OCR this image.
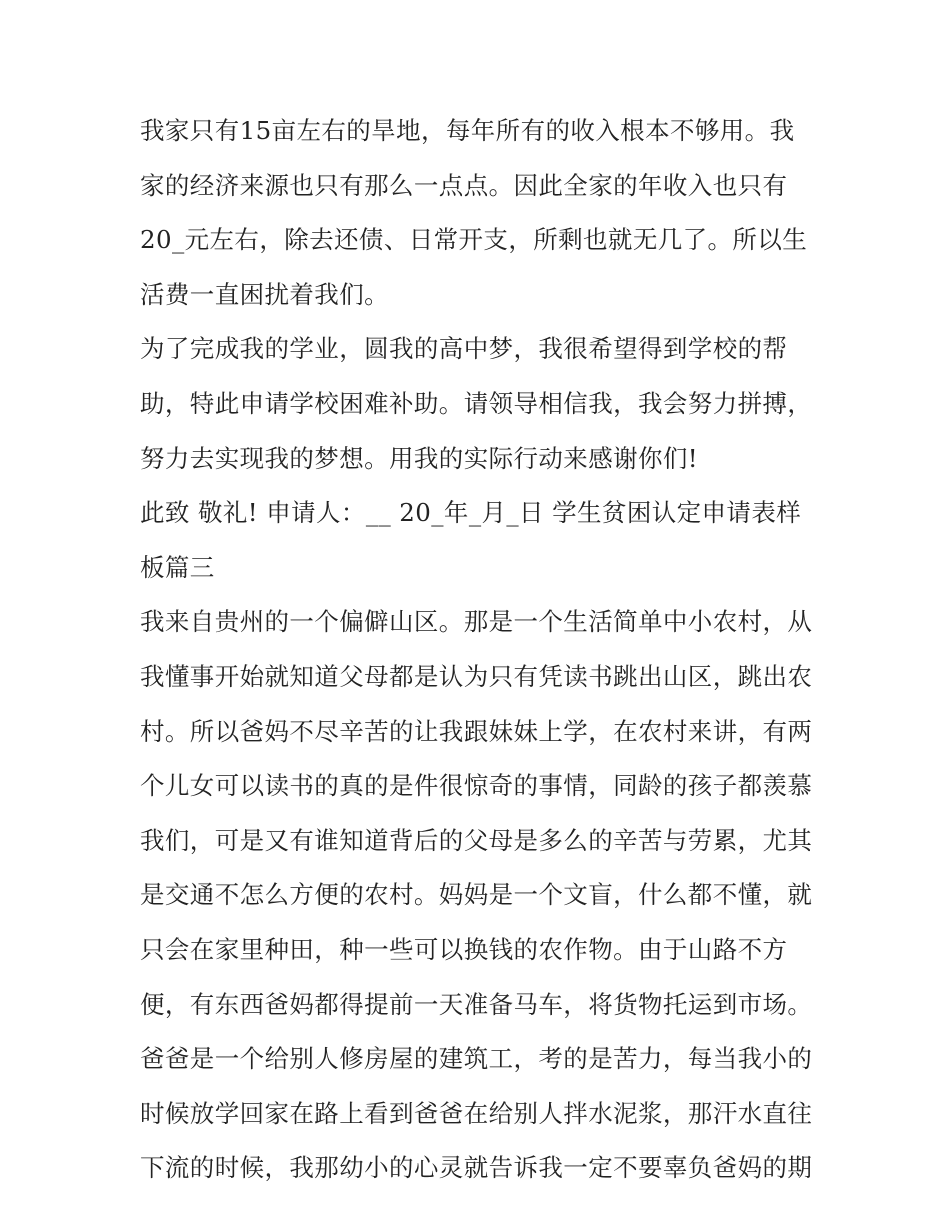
我家只有15亩左右的旱地，每年所有的收入根本不够用。我
家的经济来源也只有那么一点点。因此全家的年收入也只有
20_元左右，除去还债、日常开支，所剩也就无几了。所以生
活费一直困扰着我们。
为了完成我的学业，圆我的高中梦，我很希望得到学校的帮
助，特此申请学校困难补助。请领导相信我，我会努力拼搏，
努力去实现我的梦想。用我的实际行动来感谢你们!
此致 敬礼! 申请人：__ 20_年_月_日 学生贫困认定申请表样
板篇三
我来自贵州的一个偏僻山区。那是一个生活简单中小农村，从
我懂事开始就知道父母都是认为只有凭读书跳出山区，跳出农
村。所以爸妈不尽辛苦的让我跟妹妹上学，在农村来讲，有两
个儿女可以读书的真的是件很惊奇的事情，同龄的孩子都羡慕
我们，可是又有谁知道背后的父母是多么的辛苦与劳累，尤其
是交通不怎么方便的农村。妈妈是一个文盲，什么都不懂，就
只会在家里种田，种一些可以换钱的农作物。由于山路不方
便，有东西爸妈都得提前一天准备马车，将货物托运到市场。
爸爸是一个给别人修房屋的建筑工，考的是苦力，每当我小的
时候放学回家在路上看到爸爸在给别人拌水泥浆，那汗水直往
下流的时候，我那幼小的心灵就告诉我一定不要辜负爸妈的期
